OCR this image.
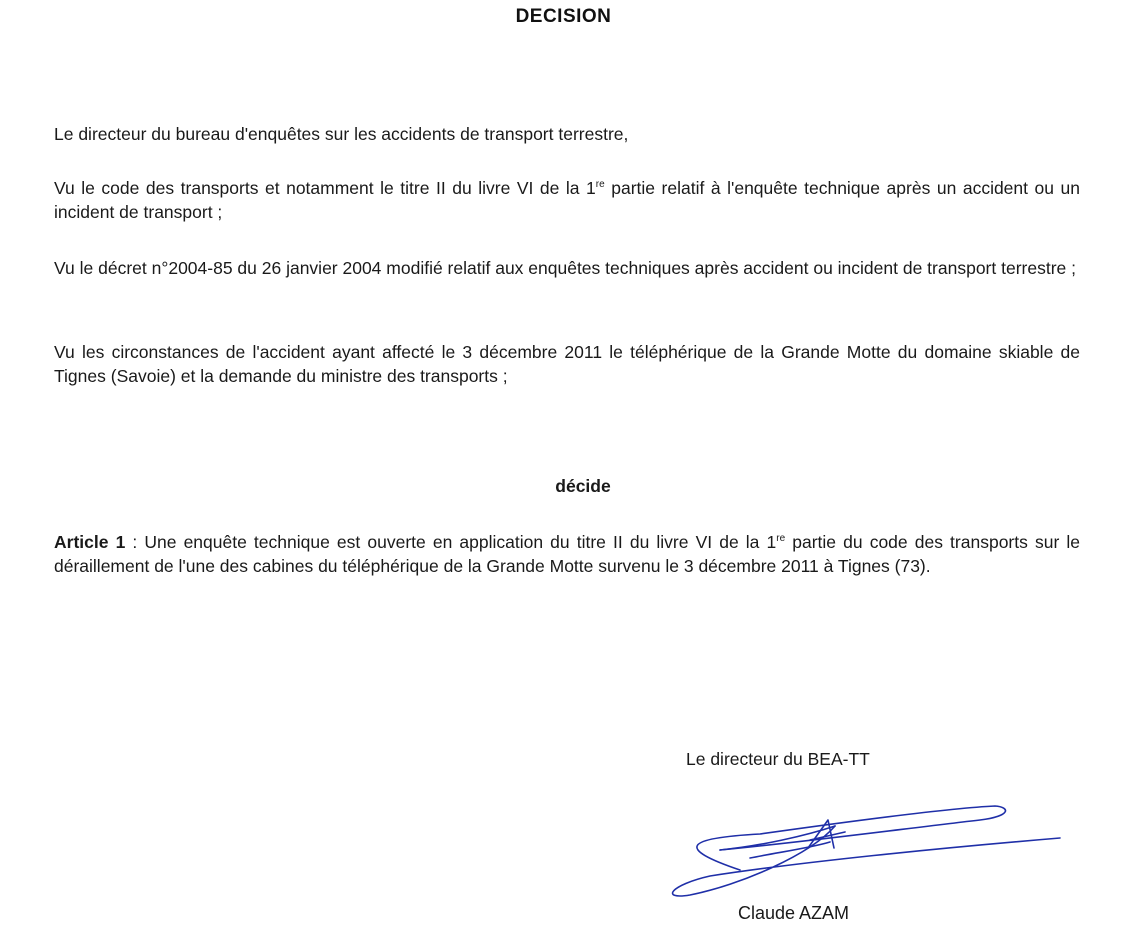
DECISION
Le directeur du bureau d'enquêtes sur les accidents de transport terrestre,
Vu le code des transports et notamment le titre II du livre VI de la 1re partie relatif à l'enquête technique après un accident ou un incident de transport ;
Vu le décret n°2004-85 du 26 janvier 2004 modifié relatif aux enquêtes techniques après accident ou incident de transport terrestre ;
Vu les circonstances de l'accident ayant affecté le 3 décembre 2011 le téléphérique de la Grande Motte du domaine skiable de Tignes (Savoie) et la demande du ministre des transports ;
décide
Article 1 : Une enquête technique est ouverte en application du titre II du livre VI de la 1re partie du code des transports sur le déraillement de l'une des cabines du téléphérique de la Grande Motte survenu le 3 décembre 2011 à Tignes (73).
Le directeur du BEA-TT
Claude AZAM
